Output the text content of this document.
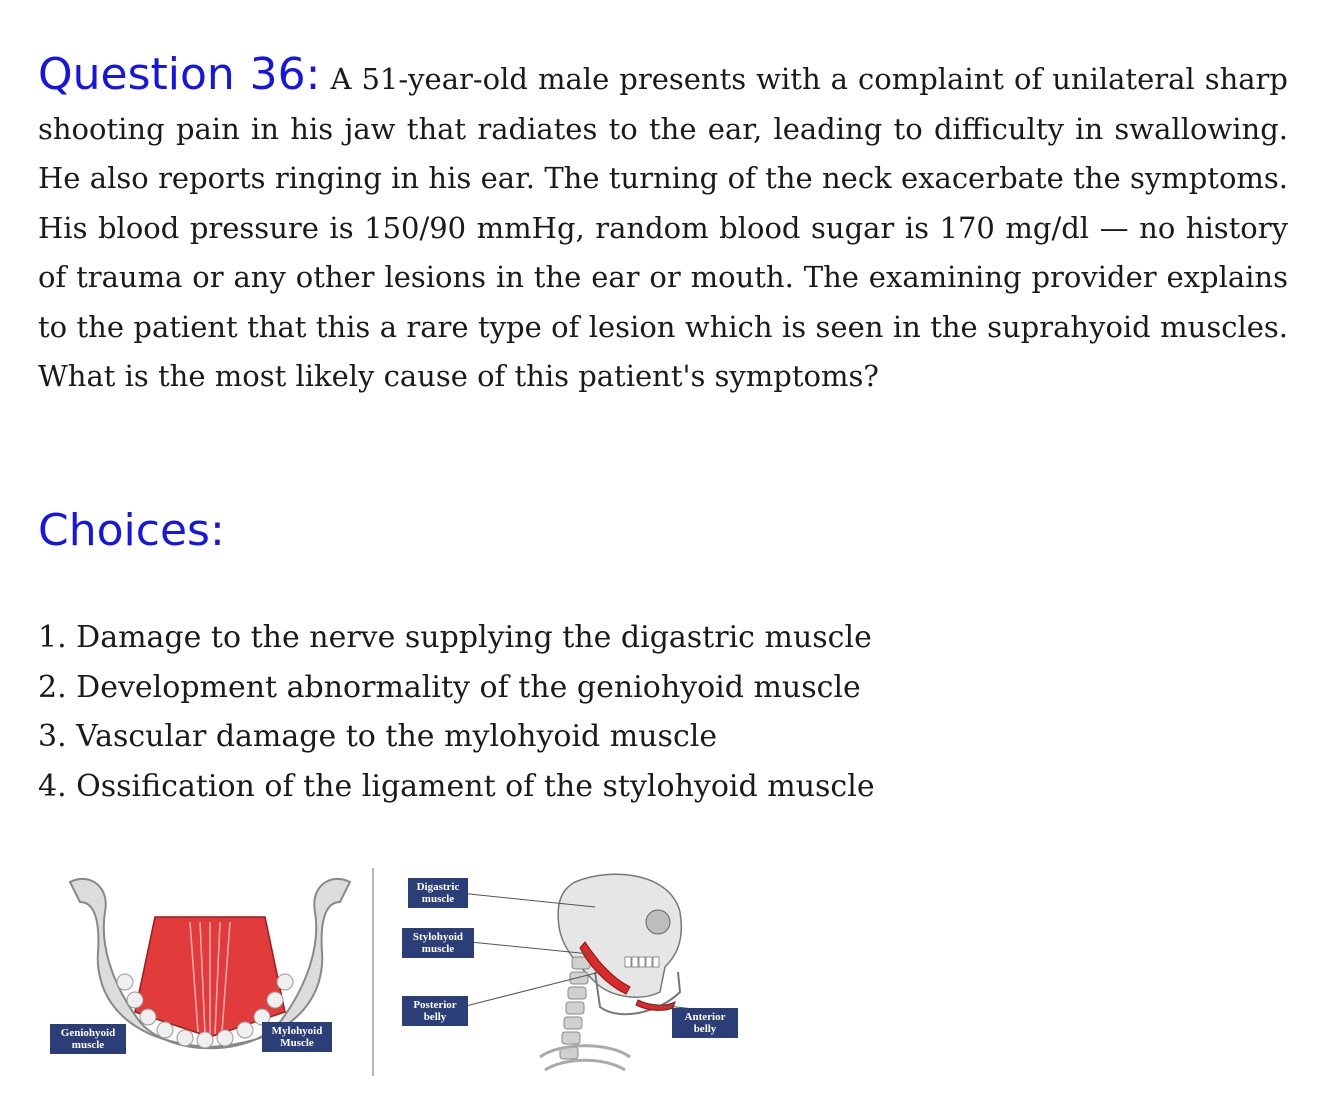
Question 36: A 51-year-old male presents with a complaint of unilateral sharp shooting pain in his jaw that radiates to the ear, leading to difficulty in swallowing. He also reports ringing in his ear. The turning of the neck exacerbate the symptoms. His blood pressure is 150/90 mmHg, random blood sugar is 170 mg/dl — no history of trauma or any other lesions in the ear or mouth. The examining provider explains to the patient that this a rare type of lesion which is seen in the suprahyoid muscles. What is the most likely cause of this patient's symptoms?

Choices:
1. Damage to the nerve supplying the digastric muscle
2. Development abnormality of the geniohyoid muscle
3. Vascular damage to the mylohyoid muscle
4. Ossification of the ligament of the stylohyoid muscle
Geniohyoid muscle
Mylohyoid Muscle
Digastric muscle
Stylohyoid muscle
Posterior belly	Anterior belly
